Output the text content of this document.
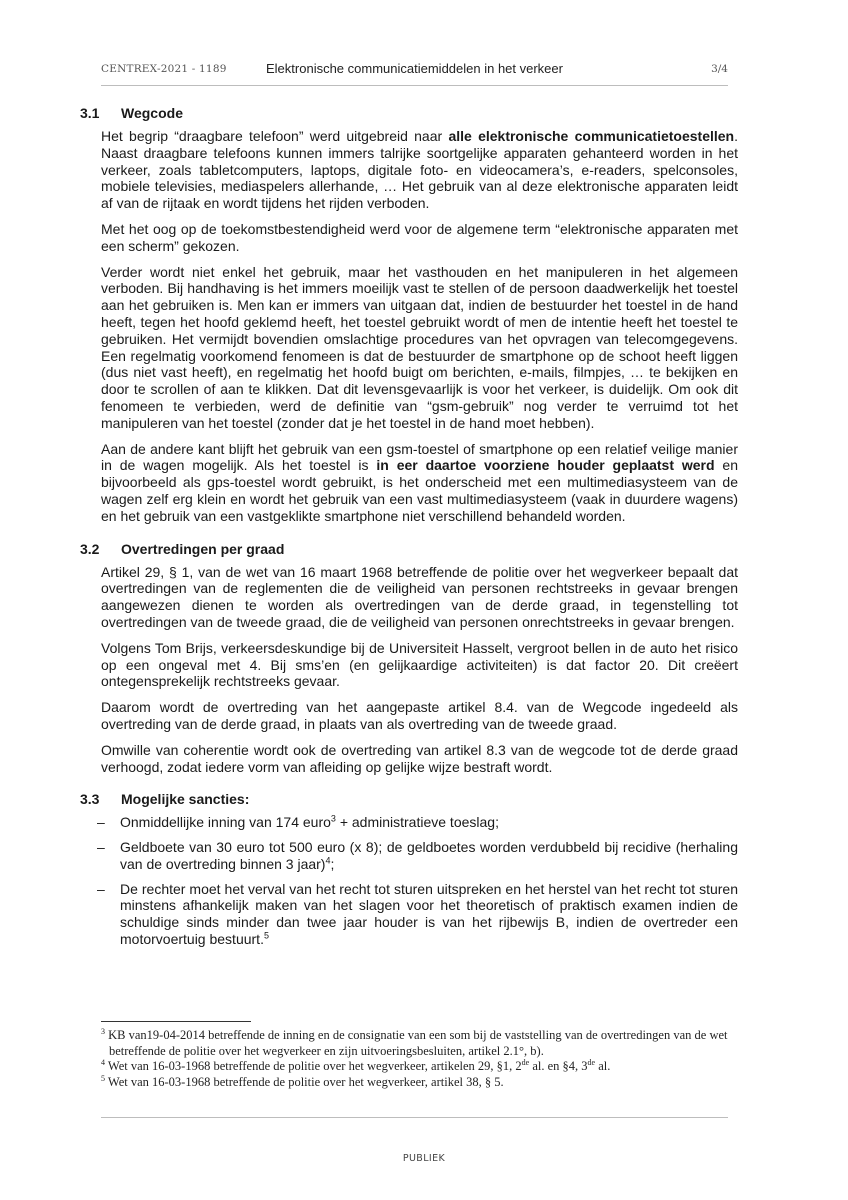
CENTREX-2021 - 1189	Elektronische communicatiemiddelen in het verkeer	3/4
3.1	Wegcode

Het begrip “draagbare telefoon” werd uitgebreid naar alle elektronische communicatietoestellen. Naast draagbare telefoons kunnen immers talrijke soortgelijke apparaten gehanteerd worden in het verkeer, zoals tabletcomputers, laptops, digitale foto- en videocamera’s, e-readers, spelconsoles, mobiele televisies, mediaspelers allerhande, … Het gebruik van al deze elektronische apparaten leidt af van de rijtaak en wordt tijdens het rijden verboden.

Met het oog op de toekomstbestendigheid werd voor de algemene term “elektronische apparaten met een scherm” gekozen.

Verder wordt niet enkel het gebruik, maar het vasthouden en het manipuleren in het algemeen verboden. Bij handhaving is het immers moeilijk vast te stellen of de persoon daadwerkelijk het toestel aan het gebruiken is. Men kan er immers van uitgaan dat, indien de bestuurder het toestel in de hand heeft, tegen het hoofd geklemd heeft, het toestel gebruikt wordt of men de intentie heeft het toestel te gebruiken. Het vermijdt bovendien omslachtige procedures van het opvragen van telecomgegevens. Een regelmatig voorkomend fenomeen is dat de bestuurder de smartphone op de schoot heeft liggen (dus niet vast heeft), en regelmatig het hoofd buigt om berichten, e-mails, filmpjes, … te bekijken en door te scrollen of aan te klikken. Dat dit levensgevaarlijk is voor het verkeer, is duidelijk. Om ook dit fenomeen te verbieden, werd de definitie van “gsm-gebruik” nog verder te verruimd tot het manipuleren van het toestel (zonder dat je het toestel in de hand moet hebben).

Aan de andere kant blijft het gebruik van een gsm-toestel of smartphone op een relatief veilige manier in de wagen mogelijk. Als het toestel is in eer daartoe voorziene houder geplaatst werd en bijvoorbeeld als gps-toestel wordt gebruikt, is het onderscheid met een multimediasysteem van de wagen zelf erg klein en wordt het gebruik van een vast multimediasysteem (vaak in duurdere wagens) en het gebruik van een vastgeklikte smartphone niet verschillend behandeld worden.

3.2	Overtredingen per graad

Artikel 29, § 1, van de wet van 16 maart 1968 betreffende de politie over het wegverkeer bepaalt dat overtredingen van de reglementen die de veiligheid van personen rechtstreeks in gevaar brengen aangewezen dienen te worden als overtredingen van de derde graad, in tegenstelling tot overtredingen van de tweede graad, die de veiligheid van personen onrechtstreeks in gevaar brengen.

Volgens Tom Brijs, verkeersdeskundige bij de Universiteit Hasselt, vergroot bellen in de auto het risico op een ongeval met 4. Bij sms’en (en gelijkaardige activiteiten) is dat factor 20. Dit creëert ontegensprekelijk rechtstreeks gevaar.

Daarom wordt de overtreding van het aangepaste artikel 8.4. van de Wegcode ingedeeld als overtreding van de derde graad, in plaats van als overtreding van de tweede graad.

Omwille van coherentie wordt ook de overtreding van artikel 8.3 van de wegcode tot de derde graad verhoogd, zodat iedere vorm van afleiding op gelijke wijze bestraft wordt.

3.3	Mogelijke sancties:
–	Onmiddellijke inning van 174 euro$^3$ + administratieve toeslag;
–	Geldboete van 30 euro tot 500 euro (x 8); de geldboetes worden verdubbeld bij recidive (herhaling van de overtreding binnen 3 jaar)$^4$;
–	De rechter moet het verval van het recht tot sturen uitspreken en het herstel van het recht tot sturen minstens afhankelijk maken van het slagen voor het theoretisch of praktisch examen indien de schuldige sinds minder dan twee jaar houder is van het rijbewijs B, indien de overtreder een motorvoertuig bestuurt.$^5$
$^3$ KB van19-04-2014 betreffende de inning en de consignatie van een som bij de vaststelling van de overtredingen van de wet betreffende de politie over het wegverkeer en zijn uitvoeringsbesluiten, artikel 2.1°, b).
$^4$ Wet van 16-03-1968 betreffende de politie over het wegverkeer, artikelen 29, §1, 2de al. en §4, 3de al.
$^5$ Wet van 16-03-1968 betreffende de politie over het wegverkeer, artikel 38, § 5.
PUBLIEK
